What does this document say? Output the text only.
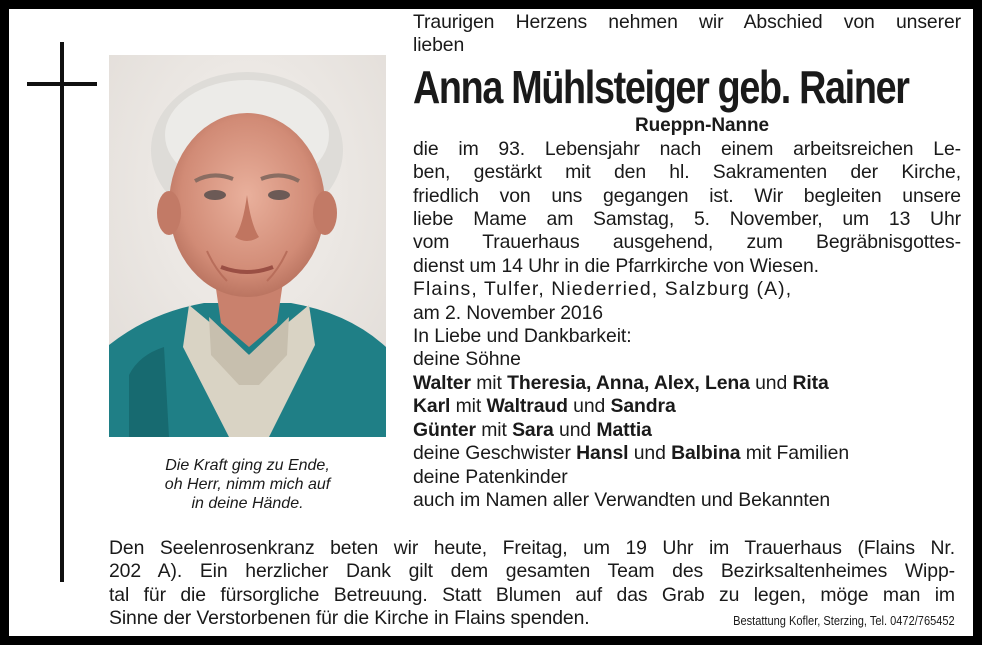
Die Kraft ging zu Ende,
oh Herr, nimm mich auf
in deine Hände.
Traurigen Herzens nehmen wir Abschied von unserer
lieben
Anna Mühlsteiger geb. Rainer
Rueppn-Nanne
die im 93. Lebensjahr nach einem arbeitsreichen Le-
ben, gestärkt mit den hl. Sakramenten der Kirche,
friedlich von uns gegangen ist. Wir begleiten unsere
liebe Mame am Samstag, 5. November, um 13 Uhr
vom Trauerhaus ausgehend, zum Begräbnisgottes-
dienst um 14 Uhr in die Pfarrkirche von Wiesen.
Flains, Tulfer, Niederried, Salzburg (A),
am 2. November 2016
In Liebe und Dankbarkeit:
deine Söhne
Walter mit Theresia, Anna, Alex, Lena und Rita
Karl mit Waltraud und Sandra
Günter mit Sara und Mattia
deine Geschwister Hansl und Balbina mit Familien
deine Patenkinder
auch im Namen aller Verwandten und Bekannten
Den Seelenrosenkranz beten wir heute, Freitag, um 19 Uhr im Trauerhaus (Flains Nr.
202 A). Ein herzlicher Dank gilt dem gesamten Team des Bezirksaltenheimes Wipp-
tal für die fürsorgliche Betreuung. Statt Blumen auf das Grab zu legen, möge man im
Sinne der Verstorbenen für die Kirche in Flains spenden.	Bestattung Kofler, Sterzing, Tel. 0472/765452
